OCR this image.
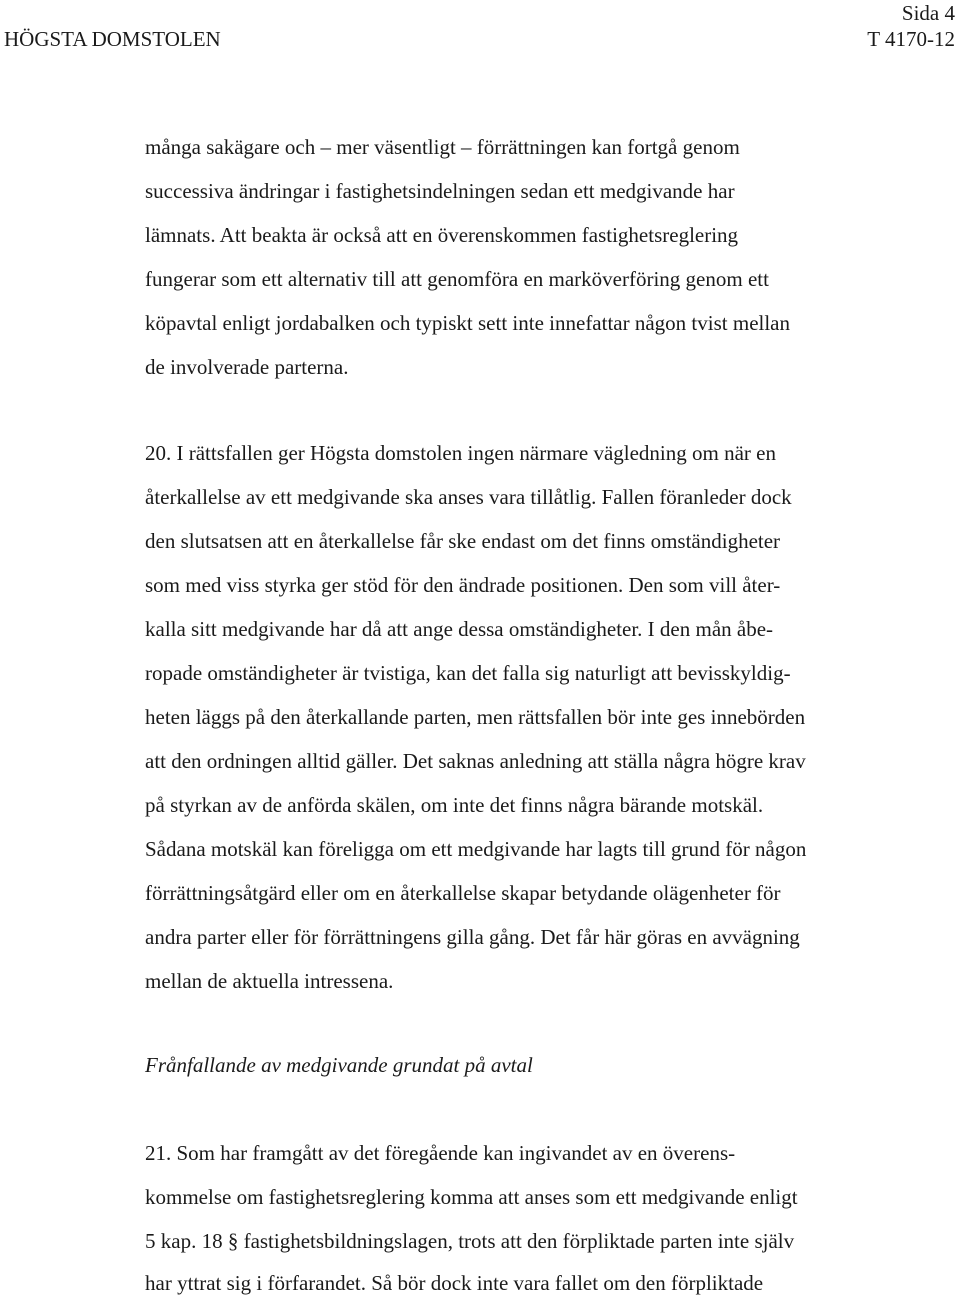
HÖGSTA DOMSTOLEN
Sida 4
T 4170-12
många sakägare och – mer väsentligt – förrättningen kan fortgå genom
successiva ändringar i fastighetsindelningen sedan ett medgivande har
lämnats. Att beakta är också att en överenskommen fastighetsreglering
fungerar som ett alternativ till att genomföra en marköverföring genom ett
köpavtal enligt jordabalken och typiskt sett inte innefattar någon tvist mellan
de involverade parterna.
20. I rättsfallen ger Högsta domstolen ingen närmare vägledning om när en
återkallelse av ett medgivande ska anses vara tillåtlig. Fallen föranleder dock
den slutsatsen att en återkallelse får ske endast om det finns omständigheter
som med viss styrka ger stöd för den ändrade positionen. Den som vill åter-
kalla sitt medgivande har då att ange dessa omständigheter. I den mån åbe-
ropade omständigheter är tvistiga, kan det falla sig naturligt att bevisskyldig-
heten läggs på den återkallande parten, men rättsfallen bör inte ges innebörden
att den ordningen alltid gäller. Det saknas anledning att ställa några högre krav
på styrkan av de anförda skälen, om inte det finns några bärande motskäl.
Sådana motskäl kan föreligga om ett medgivande har lagts till grund för någon
förrättningsåtgärd eller om en återkallelse skapar betydande olägenheter för
andra parter eller för förrättningens gilla gång. Det får här göras en avvägning
mellan de aktuella intressena.
Frånfallande av medgivande grundat på avtal
21. Som har framgått av det föregående kan ingivandet av en överens-
kommelse om fastighetsreglering komma att anses som ett medgivande enligt
5 kap. 18 § fastighetsbildningslagen, trots att den förpliktade parten inte själv
har yttrat sig i förfarandet. Så bör dock inte vara fallet om den förpliktade
